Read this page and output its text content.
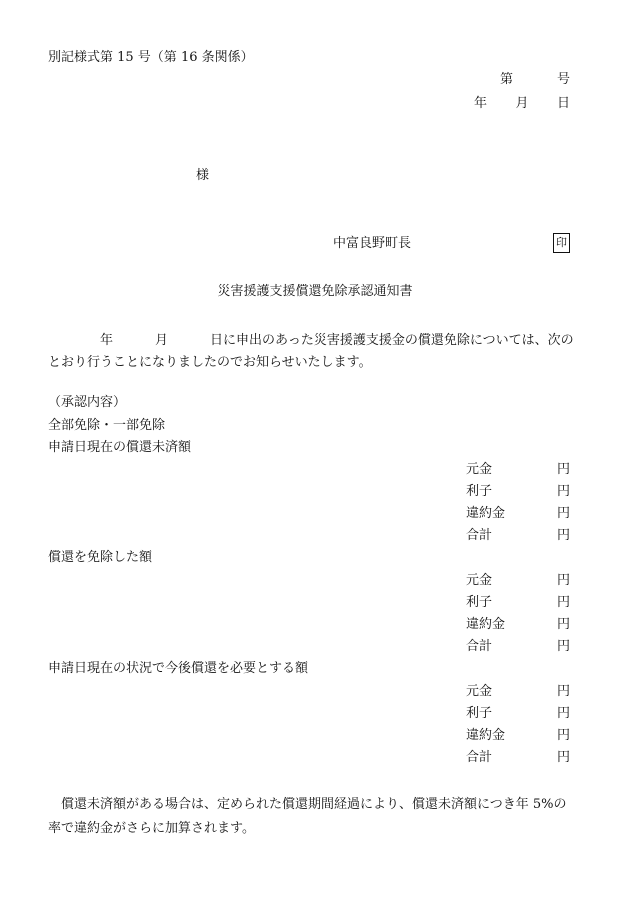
別記様式第 15 号（第 16 条関係）
第	号
年 月 日
様
中富良野町長	印
災害援護支援償還免除承認通知書
年	月	日に申出のあった災害援護支援金の償還免除については、次のとおり行うことになりましたのでお知らせいたします。
（承認内容）
全部免除・一部免除
申請日現在の償還未済額
元金	円
利子	円
違約金	円
合計	円
償還を免除した額
元金	円
利子	円
違約金	円
合計	円
申請日現在の状況で今後償還を必要とする額
元金	円
利子	円
違約金	円
合計	円
償還未済額がある場合は、定められた償還期間経過により、償還未済額につき年 5%の率で違約金がさらに加算されます。
